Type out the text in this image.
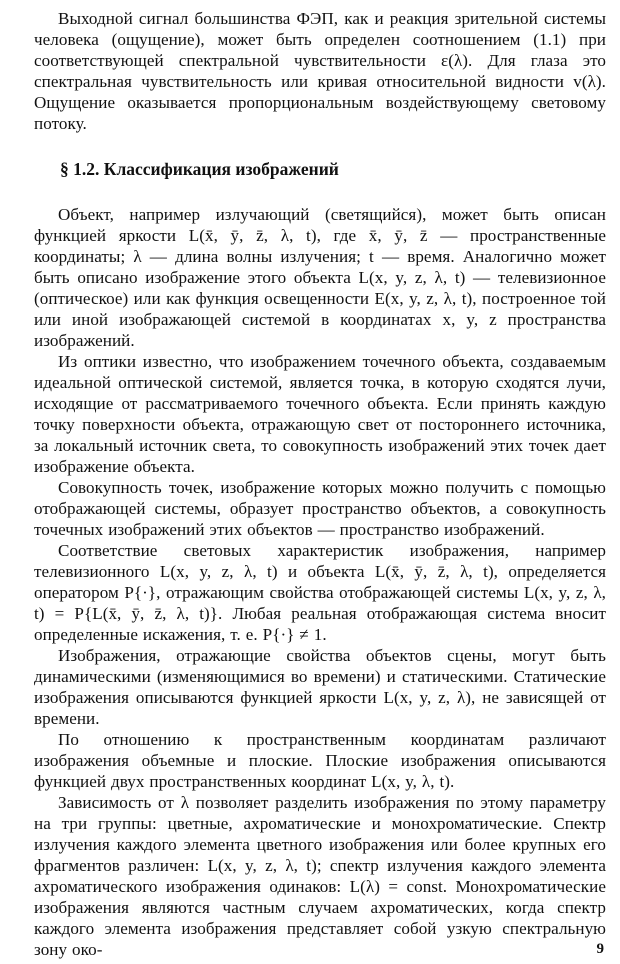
Выходной сигнал большинства ФЭП, как и реакция зрительной системы человека (ощущение), может быть определен соотношением (1.1) при соответствующей спектральной чувствительности ε(λ). Для глаза это спектральная чувствительность или кривая относительной видности v(λ). Ощущение оказывается пропорциональным воздействующему световому потоку.

§ 1.2. Классификация изображений

Объект, например излучающий (светящийся), может быть описан функцией яркости L(x̄, ȳ, z̄, λ, t), где x̄, ȳ, z̄ — пространственные координаты; λ — длина волны излучения; t — время. Аналогично может быть описано изображение этого объекта L(x, y, z, λ, t) — телевизионное (оптическое) или как функция освещенности E(x, y, z, λ, t), построенное той или иной изображающей системой в координатах x, y, z пространства изображений.

Из оптики известно, что изображением точечного объекта, создаваемым идеальной оптической системой, является точка, в которую сходятся лучи, исходящие от рассматриваемого точечного объекта. Если принять каждую точку поверхности объекта, отражающую свет от постороннего источника, за локальный источник света, то совокупность изображений этих точек дает изображение объекта.

Совокупность точек, изображение которых можно получить с помощью отображающей системы, образует пространство объектов, а совокупность точечных изображений этих объектов — пространство изображений.

Соответствие световых характеристик изображения, например телевизионного L(x, y, z, λ, t) и объекта L(x̄, ȳ, z̄, λ, t), определяется оператором P{·}, отражающим свойства отображающей системы L(x, y, z, λ, t) = P{L(x̄, ȳ, z̄, λ, t)}. Любая реальная отображающая система вносит определенные искажения, т. е. P{·} ≠ 1.

Изображения, отражающие свойства объектов сцены, могут быть динамическими (изменяющимися во времени) и статическими. Статические изображения описываются функцией яркости L(x, y, z, λ), не зависящей от времени.

По отношению к пространственным координатам различают изображения объемные и плоские. Плоские изображения описываются функцией двух пространственных координат L(x, y, λ, t).

Зависимость от λ позволяет разделить изображения по этому параметру на три группы: цветные, ахроматические и монохроматические. Спектр излучения каждого элемента цветного изображения или более крупных его фрагментов различен: L(x, y, z, λ, t); спектр излучения каждого элемента ахроматического изображения одинаков: L(λ) = const. Монохроматические изображения являются частным случаем ахроматических, когда спектр каждого элемента изображения представляет собой узкую спектральную зону око-	9
